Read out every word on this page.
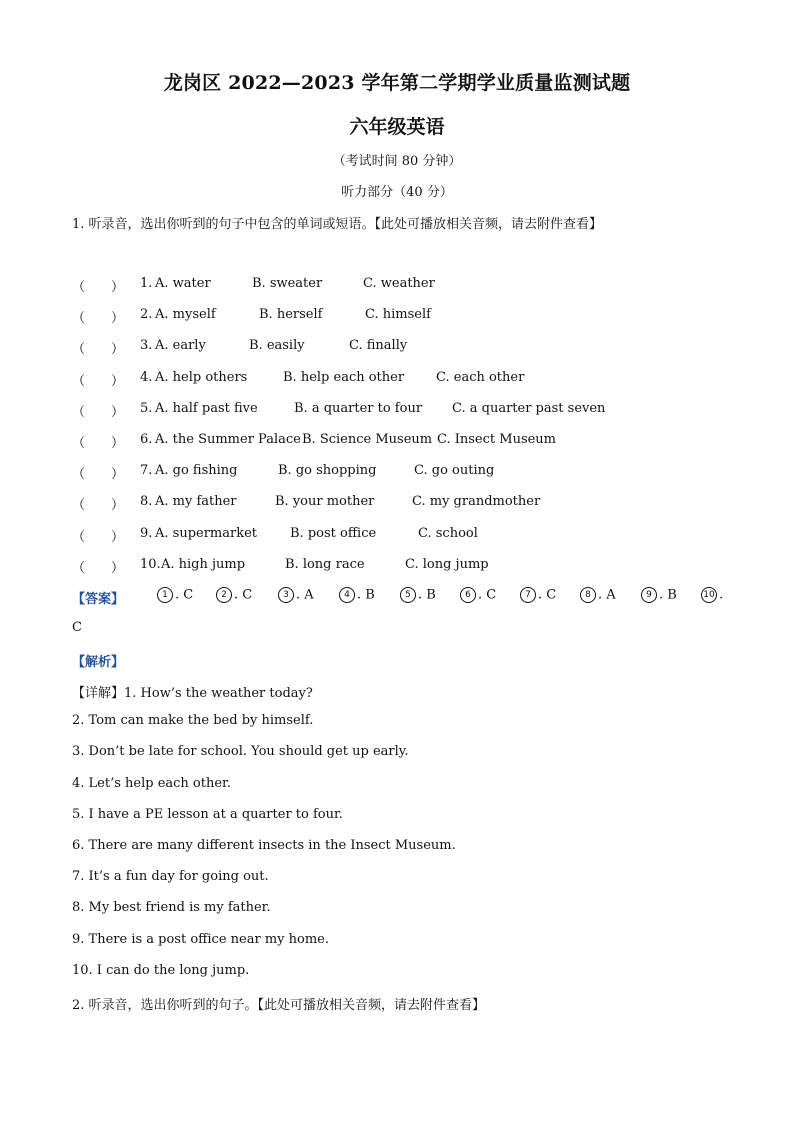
龙岗区 2022—2023 学年第二学期学业质量监测试题
六年级英语
（考试时间 80 分钟）
听力部分（40 分）
1. 听录音，选出你听到的句子中包含的单词或短语。【此处可播放相关音频，请去附件查看】
（　　） 1. A. water	B. sweater	C. weather
（　　） 2. A. myself	B. herself	C. himself
（　　） 3. A. early	B. easily	C. finally
（　　） 4. A. help others	B. help each other C. each other
（　　） 5. A. half past five	B. a quarter to four C. a quarter past seven
（　　） 6. A. the Summer Palace B. Science Museum C. Insect Museum
（　　） 7. A. go fishing	B. go shopping	C. go outing
（　　） 8. A. my father	B. your mother	C. my grandmother
（　　） 9. A. supermarket	B. post office	C. school
（　　） 10. A. high jump	B. long race	C. long jump
【答案】	1 . C	2 . C	3 . A	4 . B	5 . B	6 . C	7 . C	8 . A	9 . B	10 .
C
【解析】
【详解】1. How’s the weather today?
2. Tom can make the bed by himself.
3. Don’t be late for school. You should get up early.
4. Let’s help each other.
5. I have a PE lesson at a quarter to four.
6. There are many different insects in the Insect Museum.
7. It’s a fun day for going out.
8. My best friend is my father.
9. There is a post office near my home.
10. I can do the long jump.
2. 听录音，选出你听到的句子。【此处可播放相关音频，请去附件查看】
